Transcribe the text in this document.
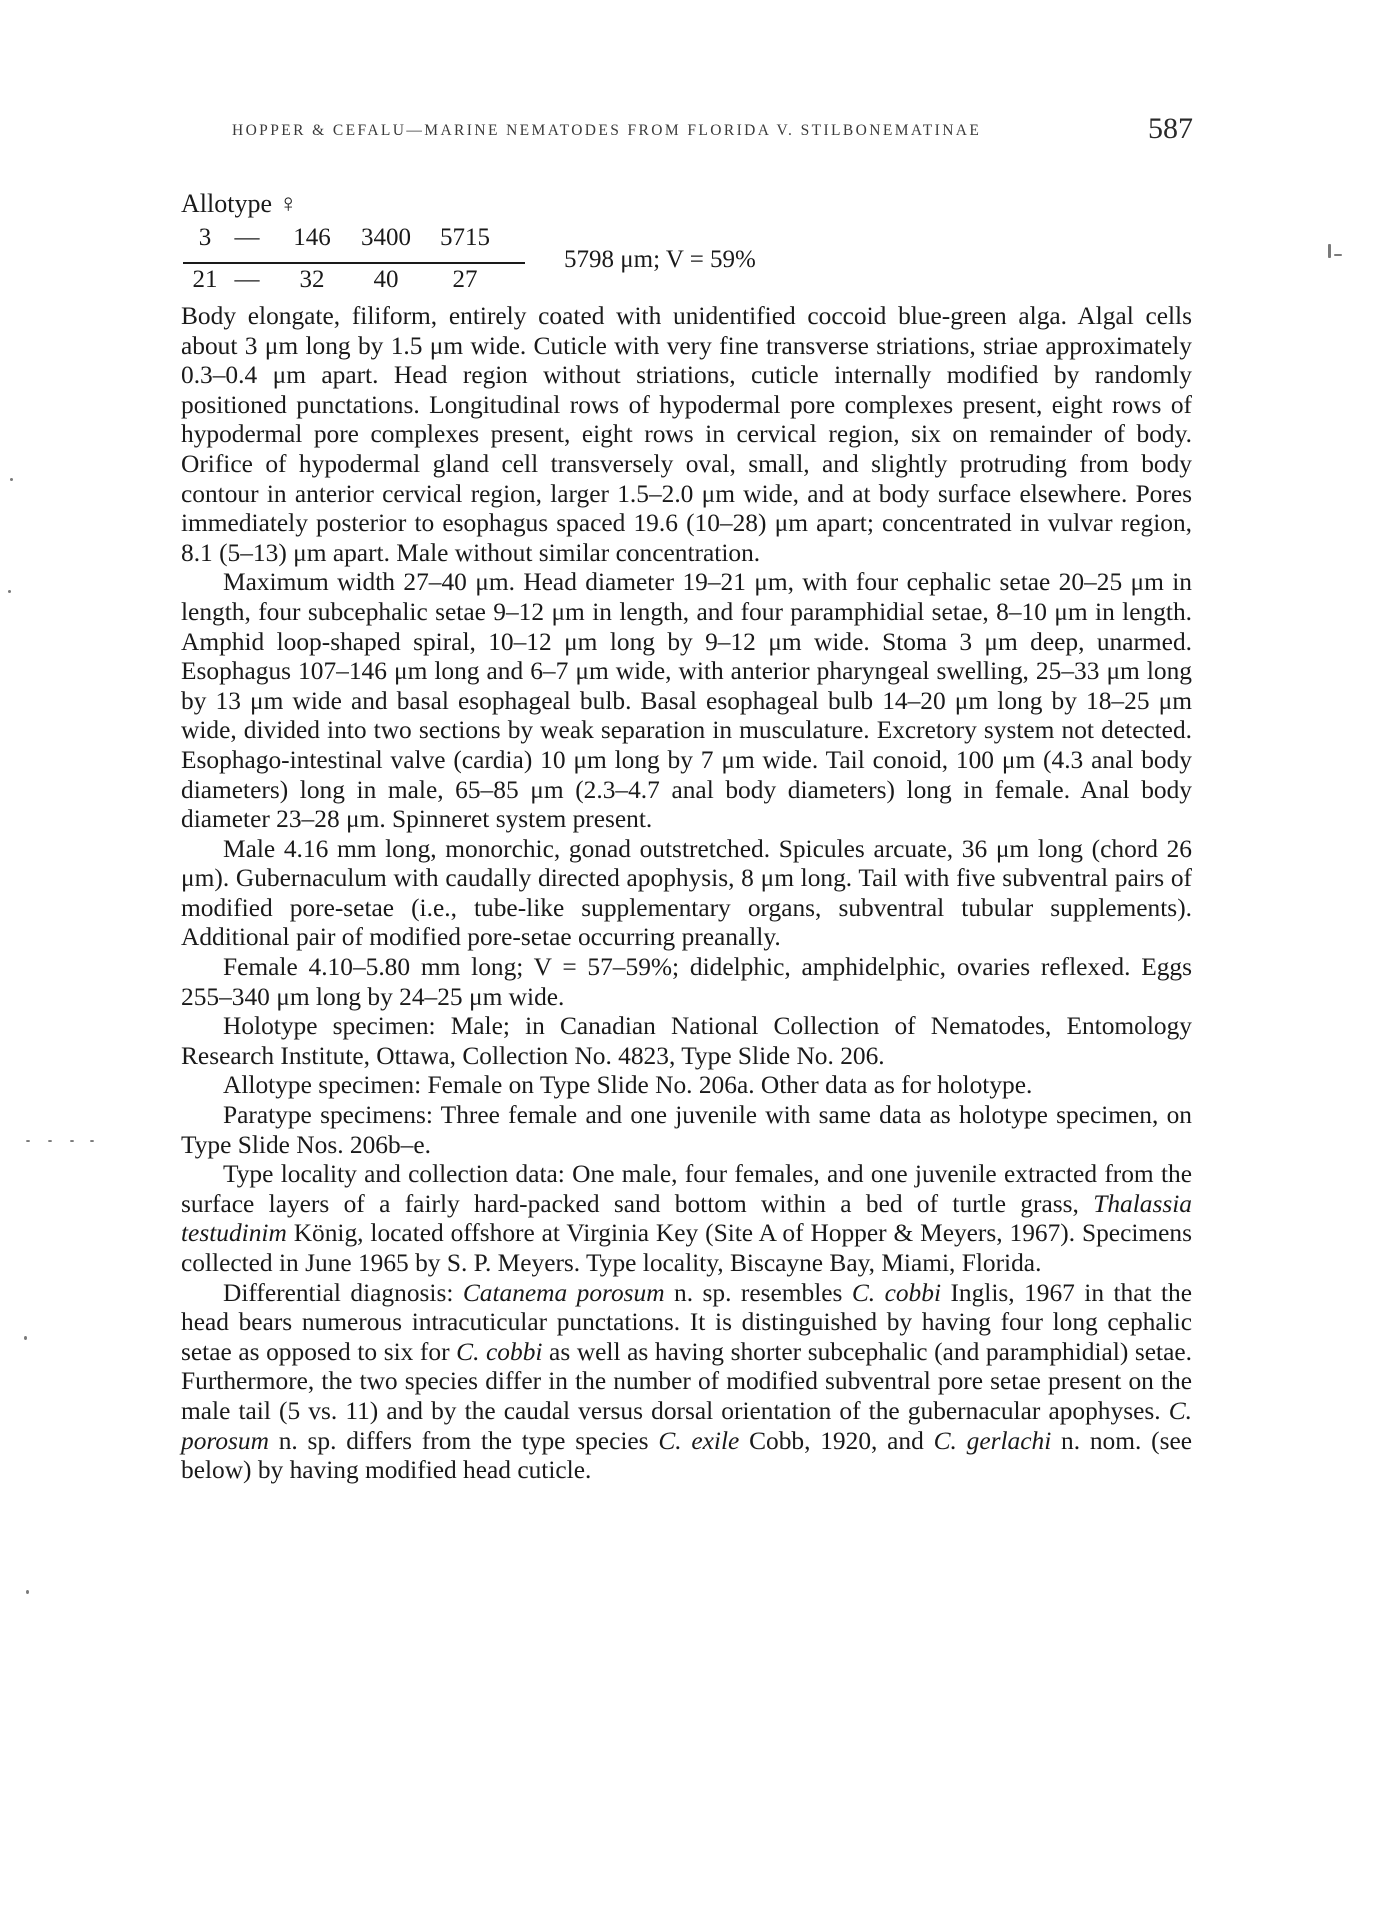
HOPPER & CEFALU—MARINE NEMATODES FROM FLORIDA V. STILBONEMATINAE	587
Allotype ♀
3 —	146	3400 5715
21 —	32	40	27
5798 μm; V = 59%

Body elongate, filiform, entirely coated with unidentified coccoid blue-green alga. Algal cells about 3 μm long by 1.5 μm wide. Cuticle with very fine transverse striations, striae approximately 0.3–0.4 μm apart. Head region without striations, cuticle internally modified by randomly positioned punctations. Longitudinal rows of hypodermal pore complexes present, eight rows of hypodermal pore complexes present, eight rows in cervical region, six on remainder of body. Orifice of hypodermal gland cell transversely oval, small, and slightly protruding from body contour in anterior cervical region, larger 1.5–2.0 μm wide, and at body surface elsewhere. Pores immediately posterior to esophagus spaced 19.6 (10–28) μm apart; concentrated in vulvar region, 8.1 (5–13) μm apart. Male without similar concentration.

Maximum width 27–40 μm. Head diameter 19–21 μm, with four cephalic setae 20–25 μm in length, four subcephalic setae 9–12 μm in length, and four paramphidial setae, 8–10 μm in length. Amphid loop-shaped spiral, 10–12 μm long by 9–12 μm wide. Stoma 3 μm deep, unarmed. Esophagus 107–146 μm long and 6–7 μm wide, with anterior pharyngeal swelling, 25–33 μm long by 13 μm wide and basal esophageal bulb. Basal esophageal bulb 14–20 μm long by 18–25 μm wide, divided into two sections by weak separation in musculature. Excretory system not detected. Esophago-intestinal valve (cardia) 10 μm long by 7 μm wide. Tail conoid, 100 μm (4.3 anal body diameters) long in male, 65–85 μm (2.3–4.7 anal body diameters) long in female. Anal body diameter 23–28 μm. Spinneret system present.

Male 4.16 mm long, monorchic, gonad outstretched. Spicules arcuate, 36 μm long (chord 26 μm). Gubernaculum with caudally directed apophysis, 8 μm long. Tail with five subventral pairs of modified pore-setae (i.e., tube-like supplementary organs, subventral tubular supplements). Additional pair of modified pore-setae occurring preanally.

Female 4.10–5.80 mm long; V = 57–59%; didelphic, amphidelphic, ovaries reflexed. Eggs 255–340 μm long by 24–25 μm wide.

Holotype specimen: Male; in Canadian National Collection of Nematodes, Entomology Research Institute, Ottawa, Collection No. 4823, Type Slide No. 206.

Allotype specimen: Female on Type Slide No. 206a. Other data as for holotype.

Paratype specimens: Three female and one juvenile with same data as holotype specimen, on Type Slide Nos. 206b–e.

Type locality and collection data: One male, four females, and one juvenile extracted from the surface layers of a fairly hard-packed sand bottom within a bed of turtle grass, Thalassia testudinim König, located offshore at Virginia Key (Site A of Hopper & Meyers, 1967). Specimens collected in June 1965 by S. P. Meyers. Type locality, Biscayne Bay, Miami, Florida.

Differential diagnosis: Catanema porosum n. sp. resembles C. cobbi Inglis, 1967 in that the head bears numerous intracuticular punctations. It is distinguished by having four long cephalic setae as opposed to six for C. cobbi as well as having shorter subcephalic (and paramphidial) setae. Furthermore, the two species differ in the number of modified subventral pore setae present on the male tail (5 vs. 11) and by the caudal versus dorsal orientation of the gubernacular apophyses. C. porosum n. sp. differs from the type species C. exile Cobb, 1920, and C. gerlachi n. nom. (see below) by having modified head cuticle.
